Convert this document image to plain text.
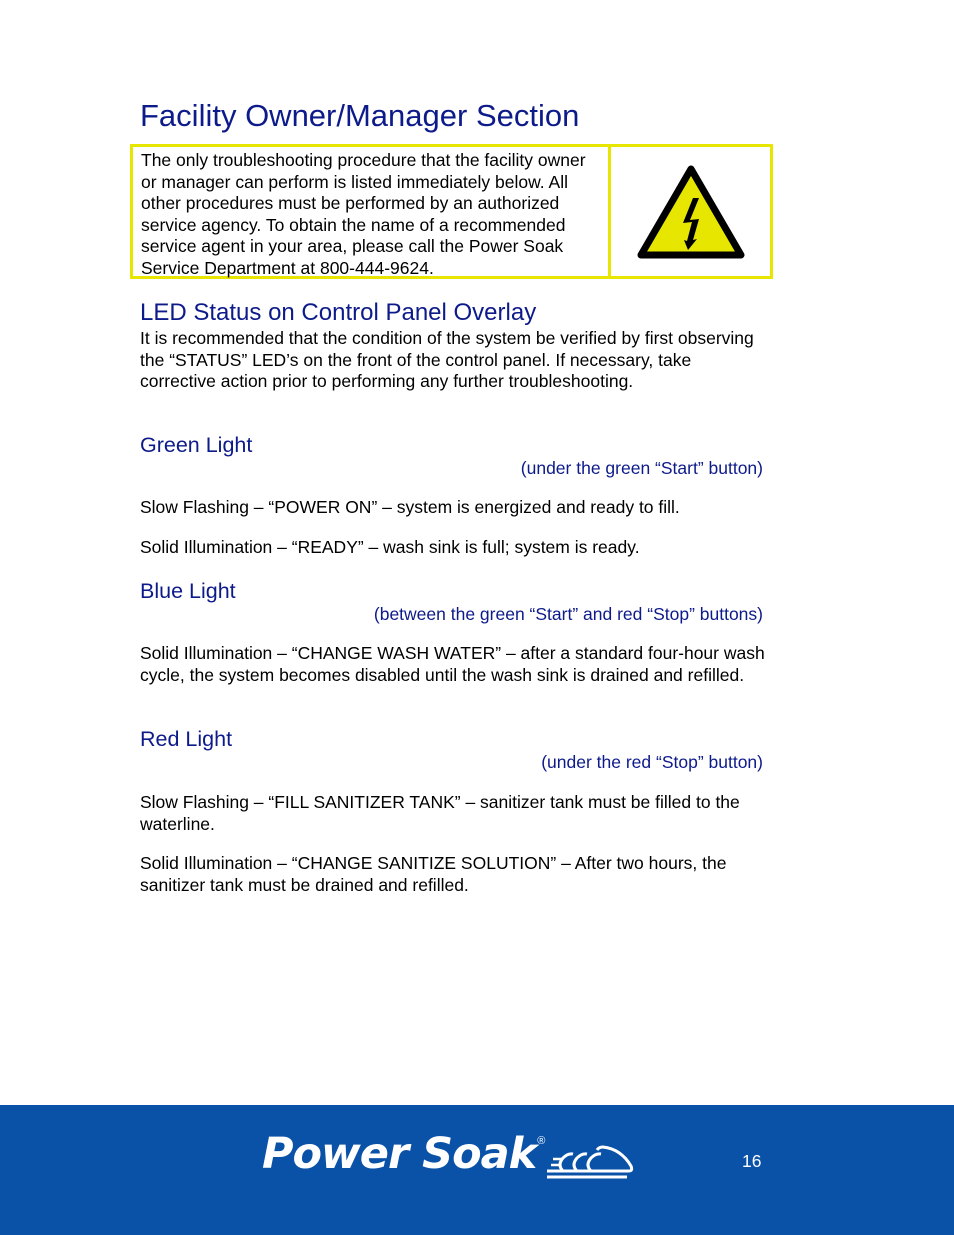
Facility Owner/Manager Section
The only troubleshooting procedure that the facility owner or manager can perform is listed immediately below. All other procedures must be performed by an authorized service agency. To obtain the name of a recommended service agent in your area, please call the Power Soak Service Department at 800-444-9624.
LED Status on Control Panel Overlay

It is recommended that the condition of the system be verified by first observing the “STATUS” LED’s on the front of the control panel. If necessary, take corrective action prior to performing any further troubleshooting.

Green Light

(under the green “Start” button)

Slow Flashing – “POWER ON” – system is energized and ready to fill.

Solid Illumination – “READY” – wash sink is full; system is ready.

Blue Light

(between the green “Start” and red “Stop” buttons)

Solid Illumination – “CHANGE WASH WATER” – after a standard four-hour wash cycle, the system becomes disabled until the wash sink is drained and refilled.

Red Light

(under the red “Stop” button)

Slow Flashing – “FILL SANITIZER TANK” – sanitizer tank must be filled to the waterline.

Solid Illumination – “CHANGE SANITIZE SOLUTION” – After two hours, the sanitizer tank must be drained and refilled.

Power Soak ®
16
